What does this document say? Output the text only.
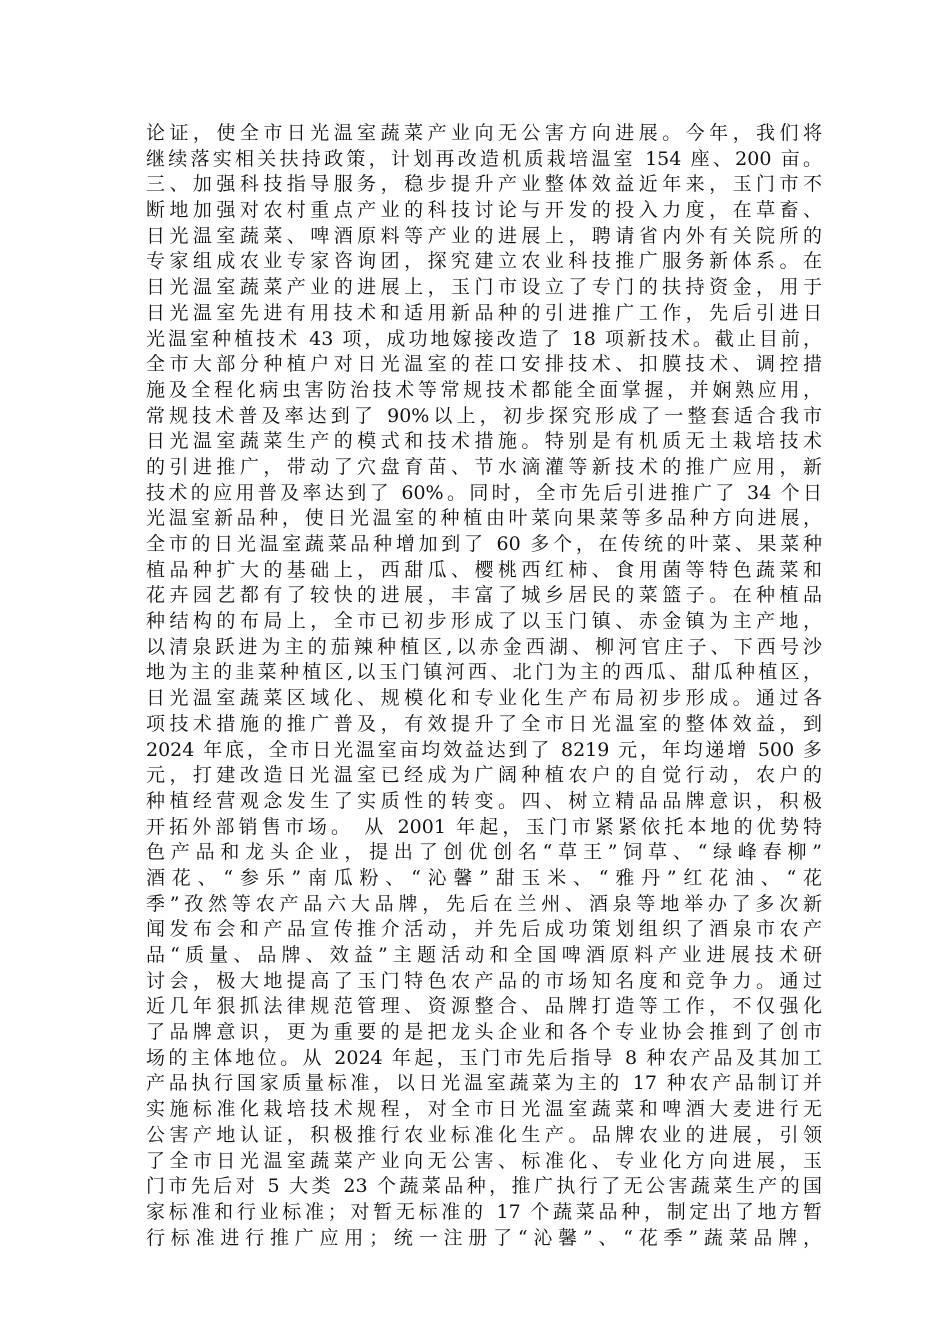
论证，使全市日光温室蔬菜产业向无公害方向进展。今年，我们将
继续落实相关扶持政策，计划再改造机质栽培温室 154 座、200 亩。
三、加强科技指导服务，稳步提升产业整体效益近年来，玉门市不
断地加强对农村重点产业的科技讨论与开发的投入力度，在草畜、
日光温室蔬菜、啤酒原料等产业的进展上，聘请省内外有关院所的
专家组成农业专家咨询团，探究建立农业科技推广服务新体系。在
日光温室蔬菜产业的进展上，玉门市设立了专门的扶持资金，用于
日光温室先进有用技术和适用新品种的引进推广工作，先后引进日
光温室种植技术 43 项，成功地嫁接改造了 18 项新技术。截止目前，
全市大部分种植户对日光温室的茬口安排技术、扣膜技术、调控措
施及全程化病虫害防治技术等常规技术都能全面掌握，并娴熟应用，
常规技术普及率达到了 90%以上，初步探究形成了一整套适合我市
日光温室蔬菜生产的模式和技术措施。特别是有机质无土栽培技术
的引进推广，带动了穴盘育苗、节水滴灌等新技术的推广应用，新
技术的应用普及率达到了 60%。同时，全市先后引进推广了 34 个日
光温室新品种，使日光温室的种植由叶菜向果菜等多品种方向进展，
全市的日光温室蔬菜品种增加到了 60 多个，在传统的叶菜、果菜种
植品种扩大的基础上，西甜瓜、樱桃西红柿、食用菌等特色蔬菜和
花卉园艺都有了较快的进展，丰富了城乡居民的菜篮子。在种植品
种结构的布局上，全市已初步形成了以玉门镇、赤金镇为主产地，
以清泉跃进为主的茄辣种植区,以赤金西湖、柳河官庄子、下西号沙
地为主的韭菜种植区,以玉门镇河西、北门为主的西瓜、甜瓜种植区，
日光温室蔬菜区域化、规模化和专业化生产布局初步形成。通过各
项技术措施的推广普及，有效提升了全市日光温室的整体效益，到
2024 年底，全市日光温室亩均效益达到了 8219 元，年均递增 500 多
元，打建改造日光温室已经成为广阔种植农户的自觉行动，农户的
种植经营观念发生了实质性的转变。四、树立精品品牌意识，积极
开拓外部销售市场。 从 2001 年起，玉门市紧紧依托本地的优势特
色产品和龙头企业，提出了创优创名“草王”饲草、“绿峰春柳”
酒花、“参乐”南瓜粉、“沁馨”甜玉米、“雅丹”红花油、“花
季”孜然等农产品六大品牌，先后在兰州、酒泉等地举办了多次新
闻发布会和产品宣传推介活动，并先后成功策划组织了酒泉市农产
品“质量、品牌、效益”主题活动和全国啤酒原料产业进展技术研
讨会，极大地提高了玉门特色农产品的市场知名度和竞争力。通过
近几年狠抓法律规范管理、资源整合、品牌打造等工作，不仅强化
了品牌意识，更为重要的是把龙头企业和各个专业协会推到了创市
场的主体地位。从 2024 年起，玉门市先后指导 8 种农产品及其加工
产品执行国家质量标准，以日光温室蔬菜为主的 17 种农产品制订并
实施标准化栽培技术规程，对全市日光温室蔬菜和啤酒大麦进行无
公害产地认证，积极推行农业标准化生产。品牌农业的进展，引领
了全市日光温室蔬菜产业向无公害、标准化、专业化方向进展，玉
门市先后对 5 大类 23 个蔬菜品种，推广执行了无公害蔬菜生产的国
家标准和行业标准；对暂无标准的 17 个蔬菜品种，制定出了地方暂
行标准进行推广应用；统一注册了“沁馨”、“花季”蔬菜品牌，
